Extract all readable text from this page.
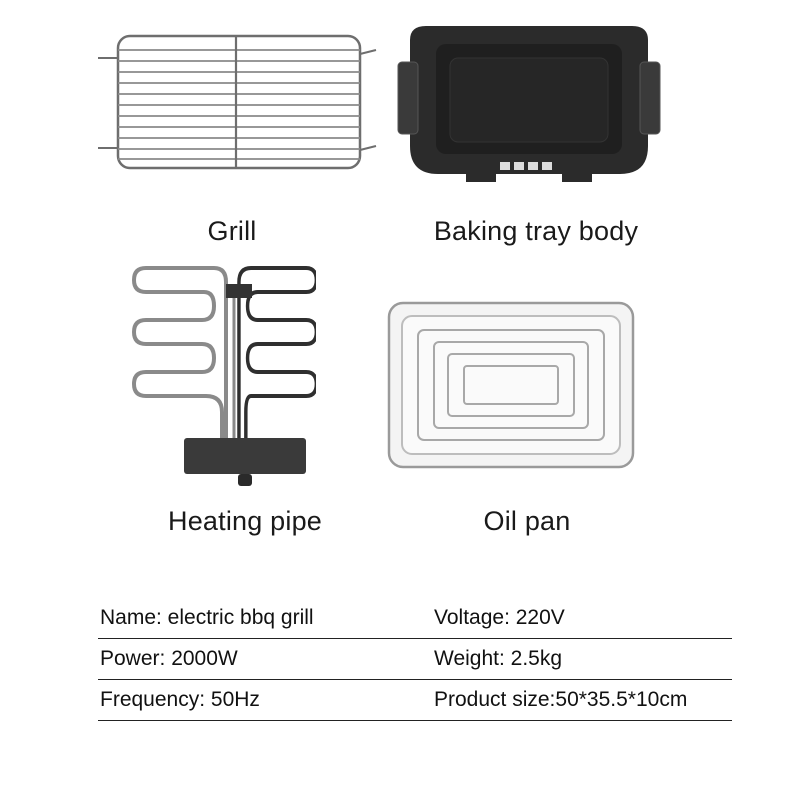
Grill	Baking tray body
Heating pipe	Oil pan
Name: electric bbq grill	Voltage: 220V
Power: 2000W	Weight: 2.5kg
Frequency: 50Hz	Product size:50*35.5*10cm
